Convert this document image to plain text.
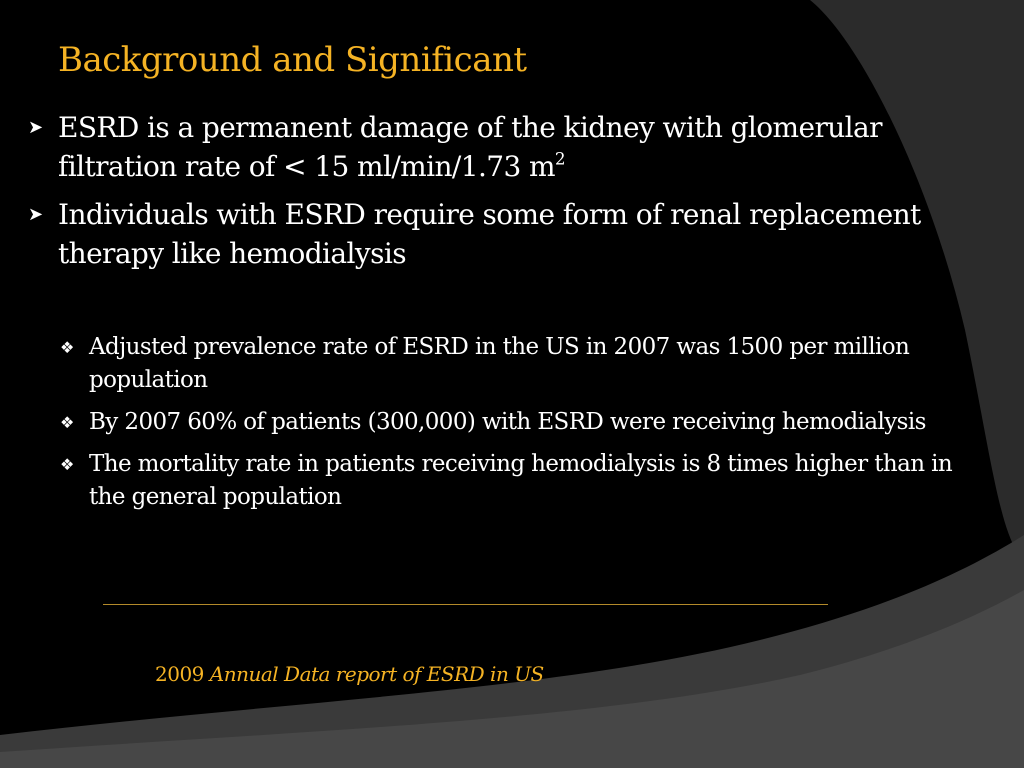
Background and Significant
➤ ESRD is a permanent damage of the kidney with glomerular filtration rate of < 15 ml/min/1.73 $m^2$
➤ Individuals with ESRD require some form of renal replacement therapy like hemodialysis
❖ Adjusted prevalence rate of ESRD in the US in 2007 was 1500 per million population
❖ By 2007 60% of patients (300,000) with ESRD were receiving hemodialysis
❖ The mortality rate in patients receiving hemodialysis is 8 times higher than in the general population

2009 Annual Data report of ESRD in US
